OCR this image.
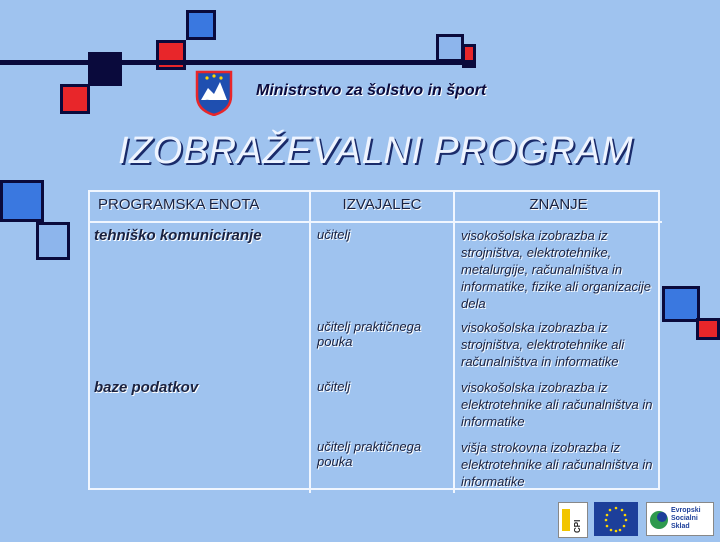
Ministrstvo za šolstvo in šport
IZOBRAŽEVALNI PROGRAM
PROGRAMSKA ENOTA	IZVAJALEC	ZNANJE
tehniško komuniciranje	učitelj	visokošolska izobrazba iz strojništva, elektrotehnike, metalurgije, računalništva in informatike, fizike ali organizacije dela
	učitelj praktičnega pouka	visokošolska izobrazba iz strojništva, elektrotehnike ali računalništva in informatike
baze podatkov	učitelj	visokošolska izobrazba iz elektrotehnike ali računalništva in informatike
	učitelj praktičnega pouka	višja strokovna izobrazba iz elektrotehnike ali računalništva in informatike
CPI
Evropski Socialni Sklad
